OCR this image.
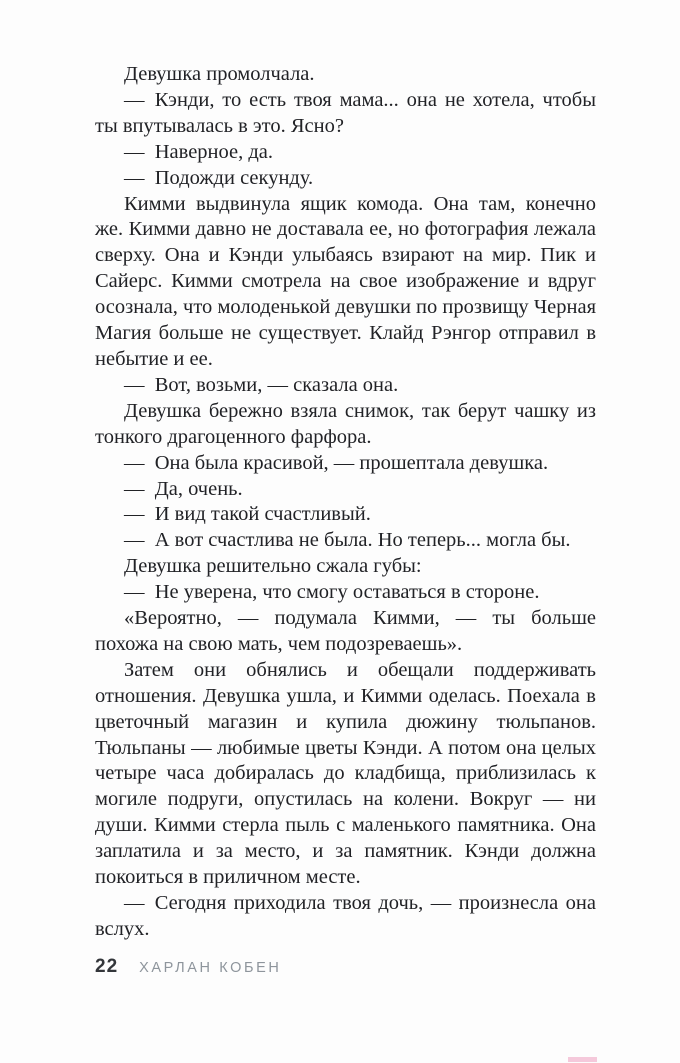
Девушка промолчала.

— Кэнди, то есть твоя мама... она не хотела, чтобы ты впутывалась в это. Ясно?

— Наверное, да.

— Подожди секунду.

Кимми выдвинула ящик комода. Она там, конечно же. Кимми давно не доставала ее, но фотография лежала сверху. Она и Кэнди улыбаясь взирают на мир. Пик и Сайерс. Кимми смотрела на свое изображение и вдруг осознала, что молоденькой девушки по прозвищу Черная Магия больше не существует. Клайд Рэнгор отправил в небытие и ее.

— Вот, возьми, — сказала она.

Девушка бережно взяла снимок, так берут чашку из тонкого драгоценного фарфора.

— Она была красивой, — прошептала девушка.

— Да, очень.

— И вид такой счастливый.

— А вот счастлива не была. Но теперь... могла бы.

Девушка решительно сжала губы:

— Не уверена, что смогу оставаться в стороне.

«Вероятно, — подумала Кимми, — ты больше похожа на свою мать, чем подозреваешь».

Затем они обнялись и обещали поддерживать отношения. Девушка ушла, и Кимми оделась. Поехала в цветочный магазин и купила дюжину тюльпанов. Тюльпаны — любимые цветы Кэнди. А потом она целых четыре часа добиралась до кладбища, приблизилась к могиле подруги, опустилась на колени. Вокруг — ни души. Кимми стерла пыль с маленького памятника. Она заплатила и за место, и за памятник. Кэнди должна покоиться в приличном месте.

— Сегодня приходила твоя дочь, — произнесла она вслух.

22 ХАРЛАН КОБЕН
